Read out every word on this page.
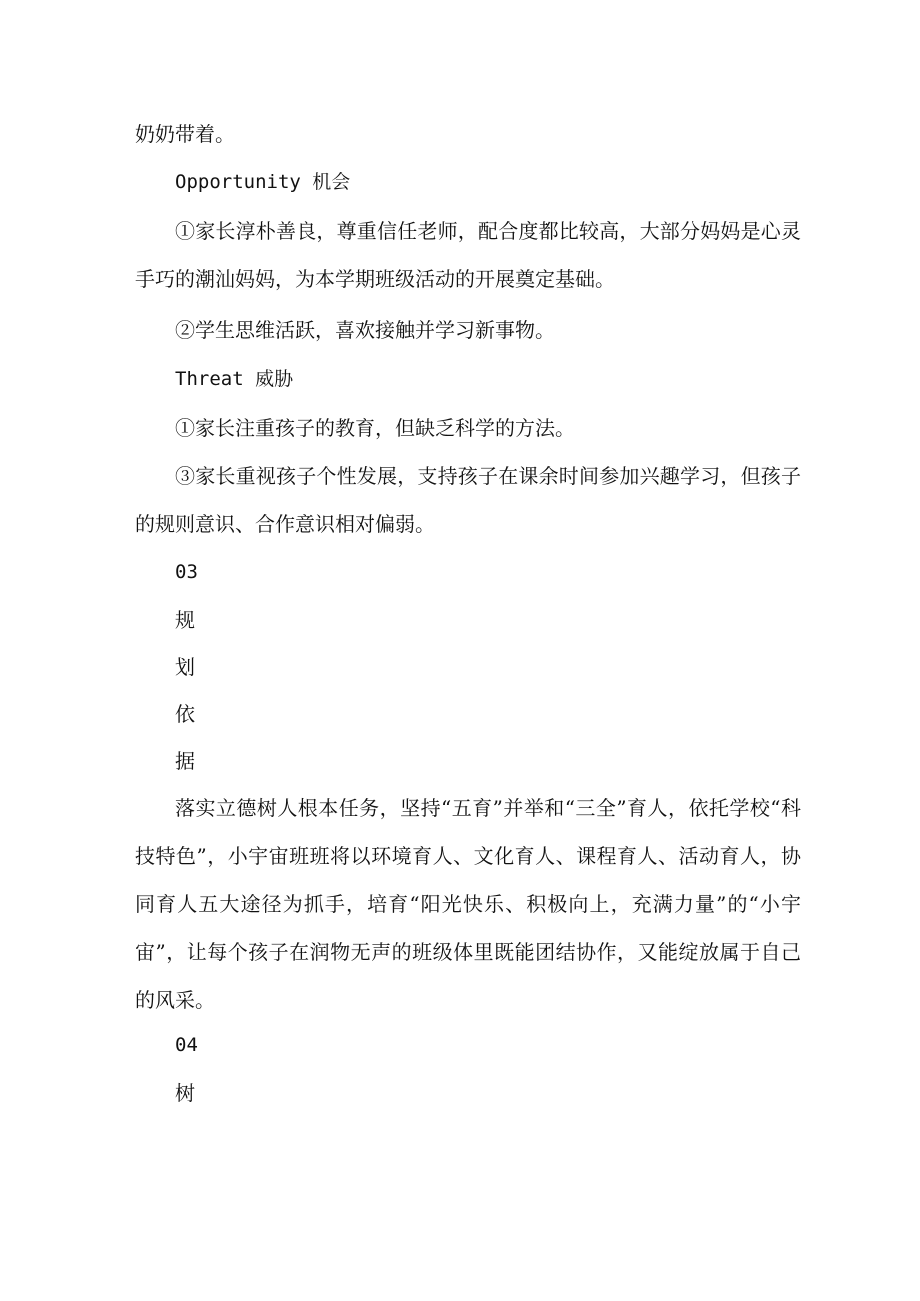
奶奶带着。
Opportunity 机会
①家长淳朴善良，尊重信任老师，配合度都比较高，大部分妈妈是心灵手巧的潮汕妈妈，为本学期班级活动的开展奠定基础。
②学生思维活跃，喜欢接触并学习新事物。
Threat 威胁
①家长注重孩子的教育，但缺乏科学的方法。
③家长重视孩子个性发展，支持孩子在课余时间参加兴趣学习，但孩子的规则意识、合作意识相对偏弱。
03
规
划
依
据
落实立德树人根本任务，坚持“五育”并举和“三全”育人，依托学校“科技特色”，小宇宙班班将以环境育人、文化育人、课程育人、活动育人，协同育人五大途径为抓手，培育“阳光快乐、积极向上，充满力量”的“小宇宙”，让每个孩子在润物无声的班级体里既能团结协作，又能绽放属于自己的风采。
04
树
